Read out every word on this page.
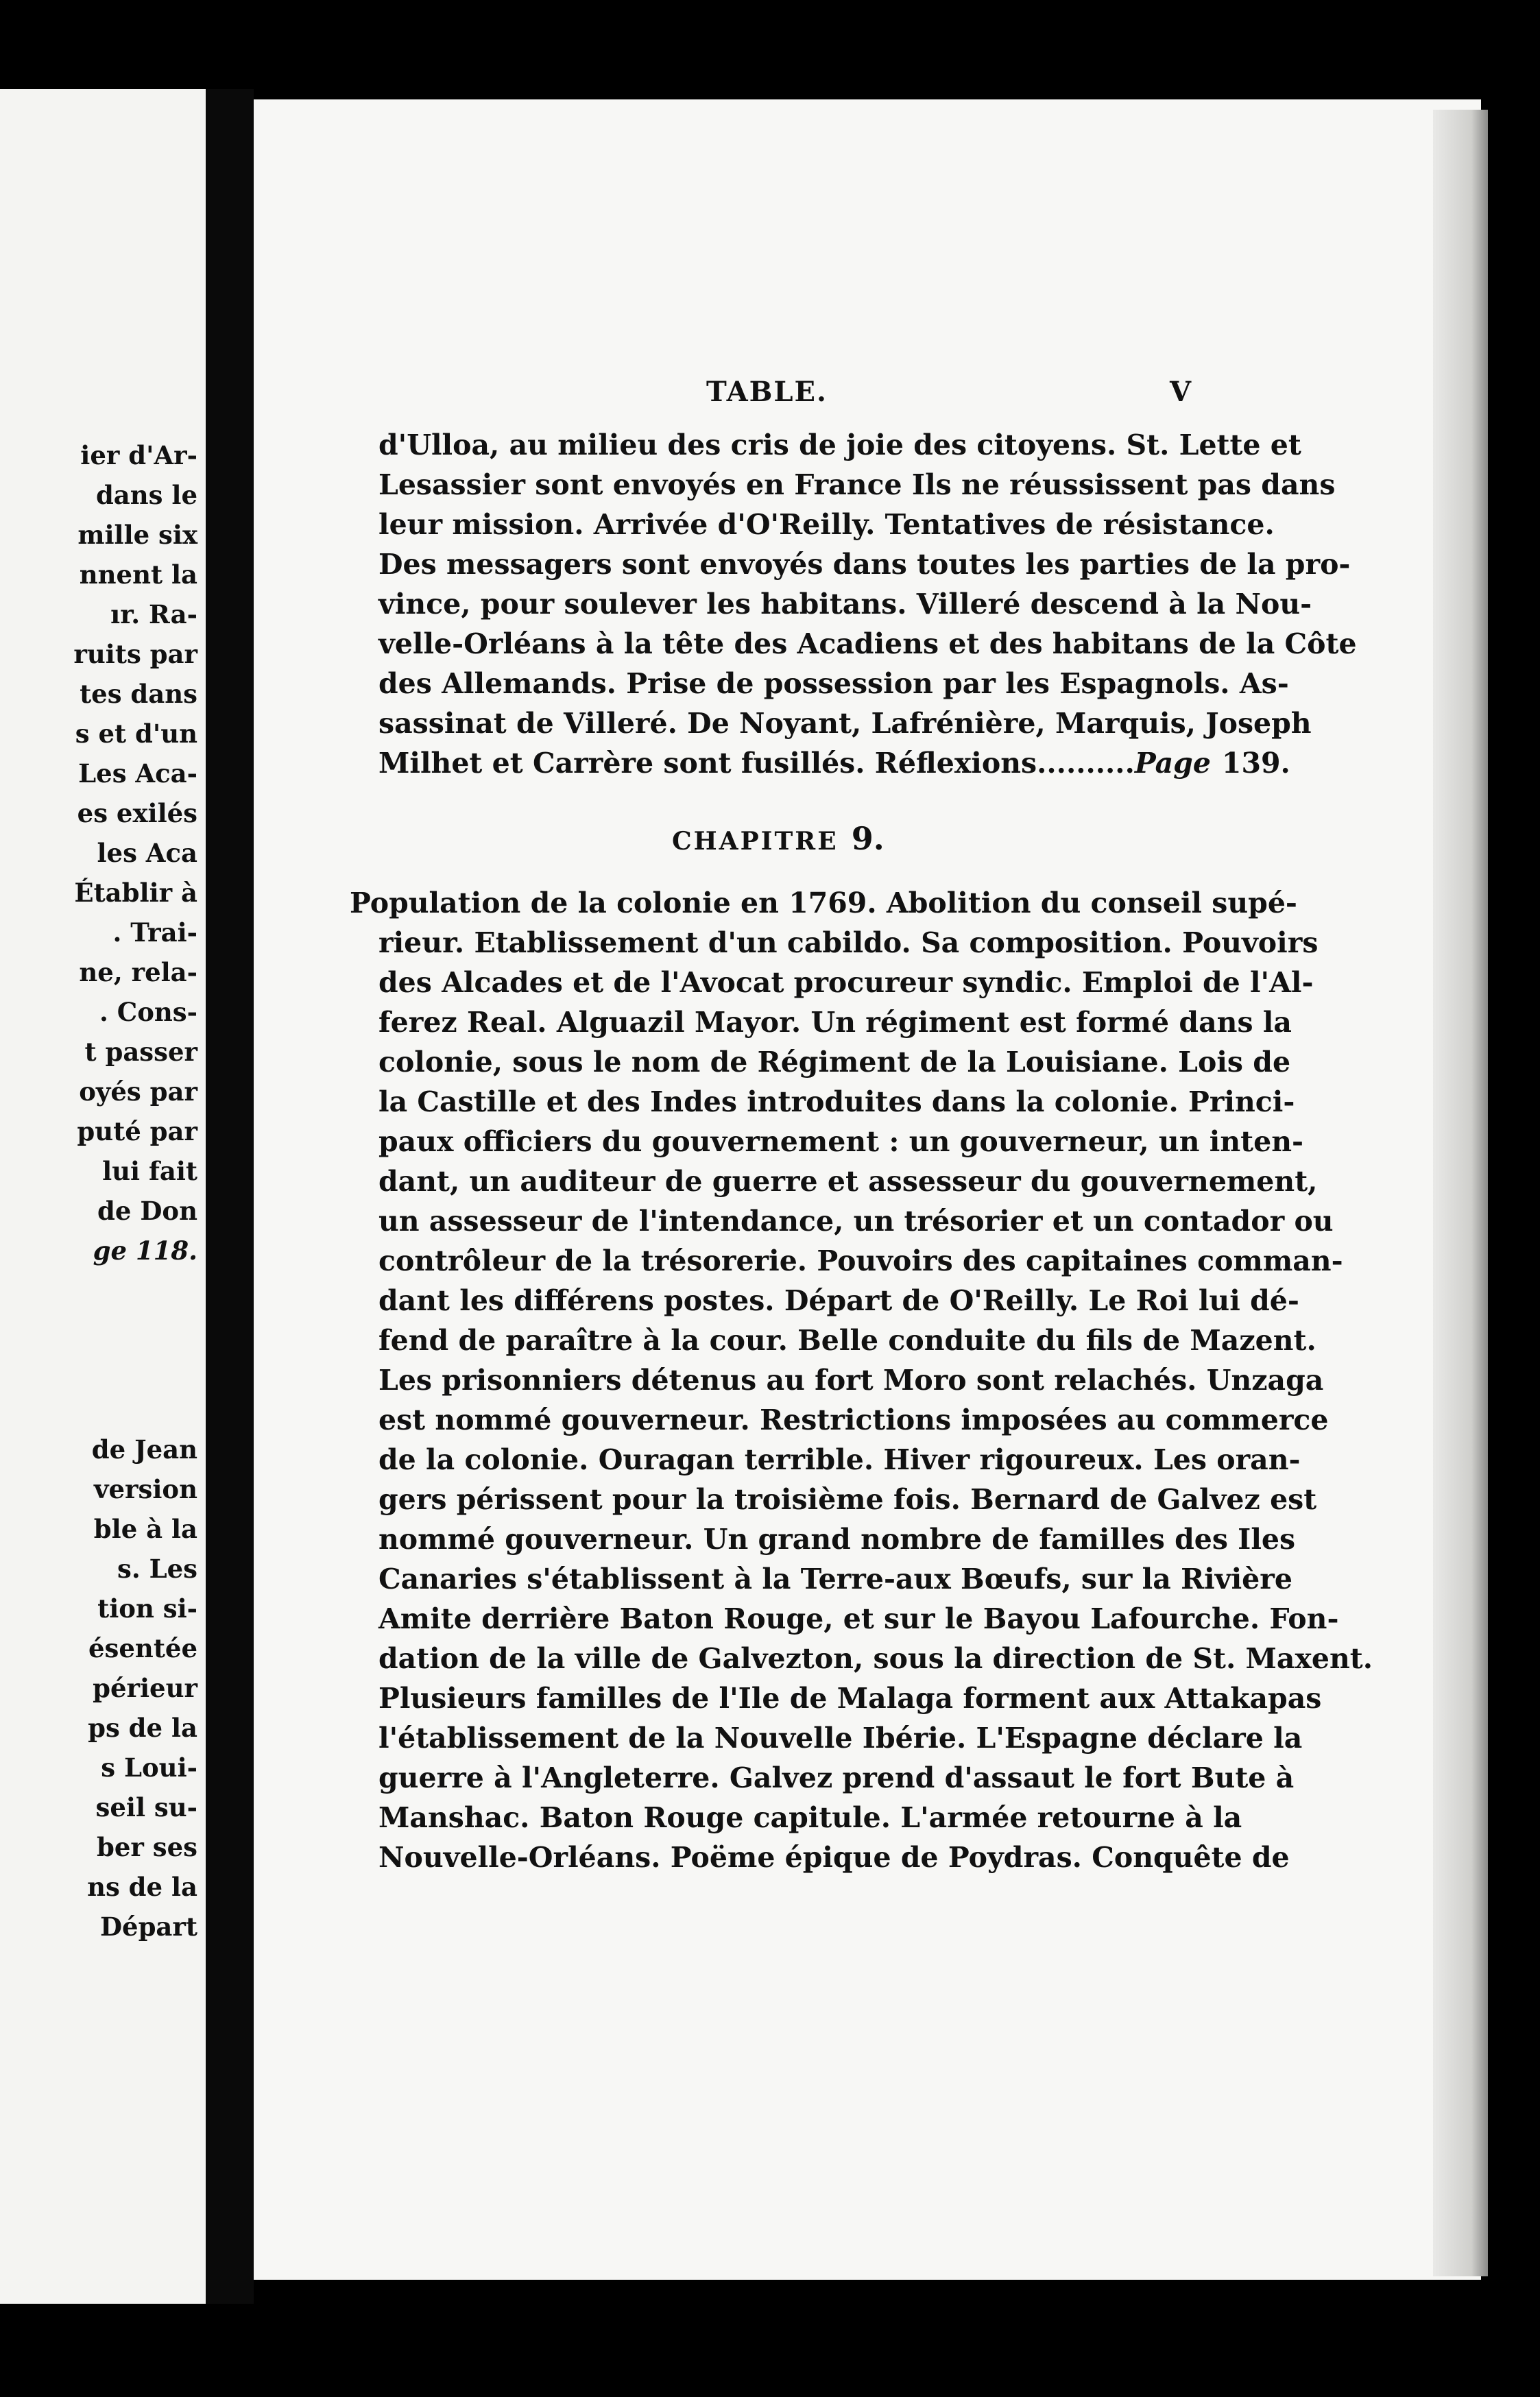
ier d'Ar-
dans le
mille six
nnent la
ır. Ra-
ruits par
tes dans
s et d'un
Les Aca-
es exilés
les Aca
Établir à
. Trai-
ne, rela-
. Cons-
t passer
oyés par
puté par
lui fait
de Don
ge 118.
de Jean
version
ble à la
s. Les
tion si-
ésentée
périeur
ps de la
s Loui-
seil su-
ber ses
ns de la
Départ
TABLE.	V
d'Ulloa, au milieu des cris de joie des citoyens. St. Lette et
Lesassier sont envoyés en France Ils ne réussissent pas dans
leur mission. Arrivée d'O'Reilly. Tentatives de résistance.
Des messagers sont envoyés dans toutes les parties de la pro-
vince, pour soulever les habitans. Villeré descend à la Nou-
velle-Orléans à la tête des Acadiens et des habitans de la Côte
des Allemands. Prise de possession par les Espagnols. As-
sassinat de Villeré. De Noyant, Lafrénière, Marquis, Joseph
Milhet et Carrère sont fusillés. Réflexions..........Page 139.
CHAPITRE 9.
Population de la colonie en 1769. Abolition du conseil supé-
rieur. Etablissement d'un cabildo. Sa composition. Pouvoirs
des Alcades et de l'Avocat procureur syndic. Emploi de l'Al-
ferez Real. Alguazil Mayor. Un régiment est formé dans la
colonie, sous le nom de Régiment de la Louisiane. Lois de
la Castille et des Indes introduites dans la colonie. Princi-
paux officiers du gouvernement : un gouverneur, un inten-
dant, un auditeur de guerre et assesseur du gouvernement,
un assesseur de l'intendance, un trésorier et un contador ou
contrôleur de la trésorerie. Pouvoirs des capitaines comman-
dant les différens postes. Départ de O'Reilly. Le Roi lui dé-
fend de paraître à la cour. Belle conduite du fils de Mazent.
Les prisonniers détenus au fort Moro sont relachés. Unzaga
est nommé gouverneur. Restrictions imposées au commerce
de la colonie. Ouragan terrible. Hiver rigoureux. Les oran-
gers périssent pour la troisième fois. Bernard de Galvez est
nommé gouverneur. Un grand nombre de familles des Iles
Canaries s'établissent à la Terre-aux Bœufs, sur la Rivière
Amite derrière Baton Rouge, et sur le Bayou Lafourche. Fon-
dation de la ville de Galvezton, sous la direction de St. Maxent.
Plusieurs familles de l'Ile de Malaga forment aux Attakapas
l'établissement de la Nouvelle Ibérie. L'Espagne déclare la
guerre à l'Angleterre. Galvez prend d'assaut le fort Bute à
Manshac. Baton Rouge capitule. L'armée retourne à la
Nouvelle-Orléans. Poëme épique de Poydras. Conquête de
